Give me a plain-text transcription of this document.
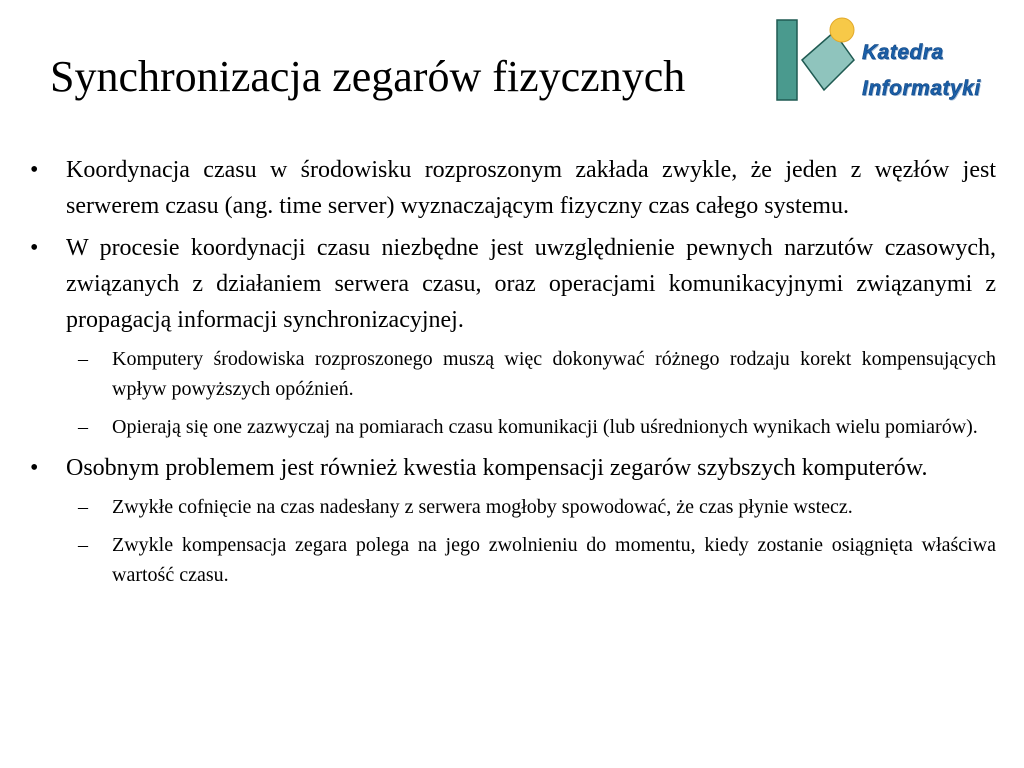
Synchronizacja zegarów fizycznych	Katedra
Informatyki
• Koordynacja czasu w środowisku rozproszonym zakłada zwykle, że jeden z węzłów jest serwerem czasu (ang. time server) wyznaczającym fizyczny czas całego systemu.
• W procesie koordynacji czasu niezbędne jest uwzględnienie pewnych narzutów czasowych, związanych z działaniem serwera czasu, oraz operacjami komunikacyjnymi związanymi z propagacją informacji synchronizacyjnej.
– Komputery środowiska rozproszonego muszą więc dokonywać różnego rodzaju korekt kompensujących wpływ powyższych opóźnień.
– Opierają się one zazwyczaj na pomiarach czasu komunikacji (lub uśrednionych wynikach wielu pomiarów).
• Osobnym problemem jest również kwestia kompensacji zegarów szybszych komputerów.
– Zwykłe cofnięcie na czas nadesłany z serwera mogłoby spowodować, że czas płynie wstecz.
– Zwykle kompensacja zegara polega na jego zwolnieniu do momentu, kiedy zostanie osiągnięta właściwa wartość czasu.
